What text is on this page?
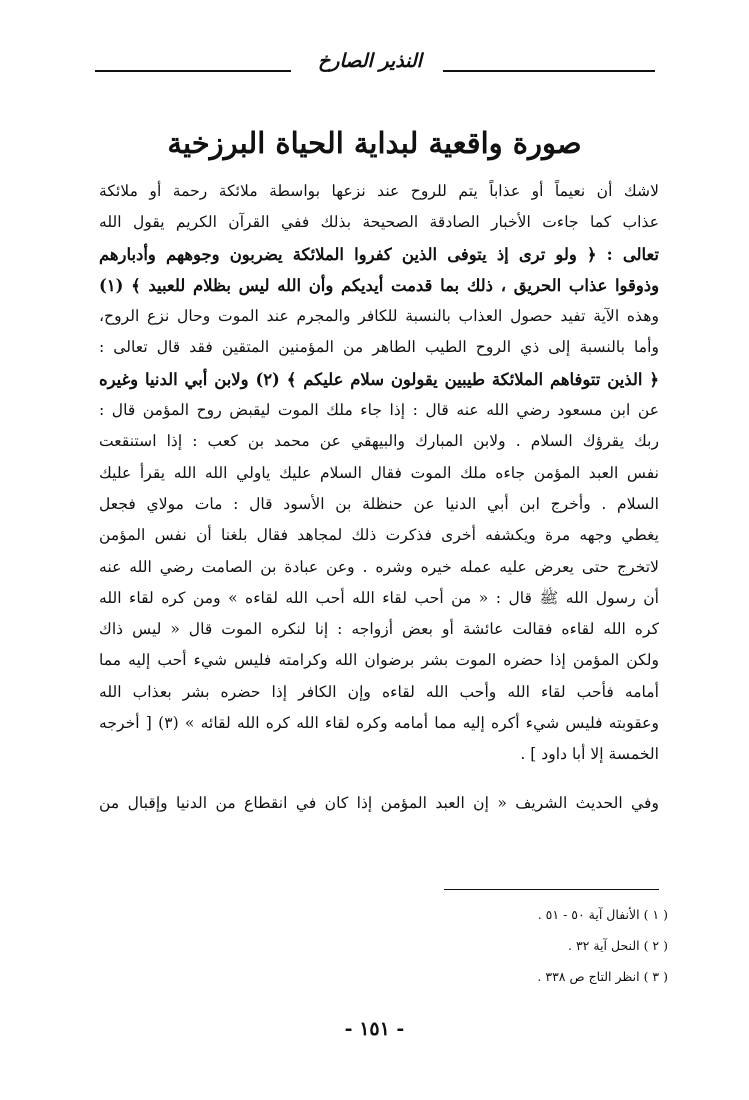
النذير الصارخ
صورة واقعية لبداية الحياة البرزخية
لاشك أن نعيماً أو عذاباً يتم للروح عند نزعها بواسطة ملائكة رحمة أو ملائكة
عذاب كما جاءت الأخبار الصادقة الصحيحة بذلك ففي القرآن الكريم يقول الله
تعالى : ﴿ ولو ترى إذ يتوفى الذين كفروا الملائكة يضربون وجوههم وأدبارهم
وذوقوا عذاب الحريق ، ذلك بما قدمت أيديكم وأن الله ليس بظلام للعبيد ﴾ (١)
وهذه الآية تفيد حصول العذاب بالنسبة للكافر والمجرم عند الموت وحال نزع الروح،
وأما بالنسبة إلى ذي الروح الطيب الطاهر من المؤمنين المتقين فقد قال تعالى :
﴿ الذين تتوفاهم الملائكة طيبين يقولون سلام عليكم ﴾ (٢) ولابن أبي الدنيا وغيره
عن ابن مسعود رضي الله عنه قال : إذا جاء ملك الموت ليقبض روح المؤمن قال :
ربك يقرؤك السلام . ولابن المبارك والبيهقي عن محمد بن كعب : إذا استنقعت
نفس العبد المؤمن جاءه ملك الموت فقال السلام عليك ياولي الله الله يقرأ عليك
السلام . وأخرج ابن أبي الدنيا عن حنظلة بن الأسود قال : مات مولاي فجعل
يغطي وجهه مرة ويكشفه أخرى فذكرت ذلك لمجاهد فقال بلغنا أن نفس المؤمن
لاتخرج حتى يعرض عليه عمله خيره وشره . وعن عبادة بن الصامت رضي الله عنه
أن رسول الله ﷺ قال : « من أحب لقاء الله أحب الله لقاءه » ومن كره لقاء الله
كره الله لقاءه فقالت عائشة أو بعض أزواجه : إنا لنكره الموت قال « ليس ذاك
ولكن المؤمن إذا حضره الموت بشر برضوان الله وكرامته فليس شيء أحب إليه مما
أمامه فأحب لقاء الله وأحب الله لقاءه وإن الكافر إذا حضره بشر بعذاب الله
وعقوبته فليس شيء أكره إليه مما أمامه وكره لقاء الله كره الله لقائه » (٣) [ أخرجه
الخمسة إلا أبا داود ] .
وفي الحديث الشريف « إن العبد المؤمن إذا كان في انقطاع من الدنيا وإقبال من
( ١ ) الأنفال آية ٥٠ - ٥١ .
( ٢ ) النحل آية ٣٢ .
( ٣ ) انظر التاج ص ٣٣٨ .
- ١٥١ -
